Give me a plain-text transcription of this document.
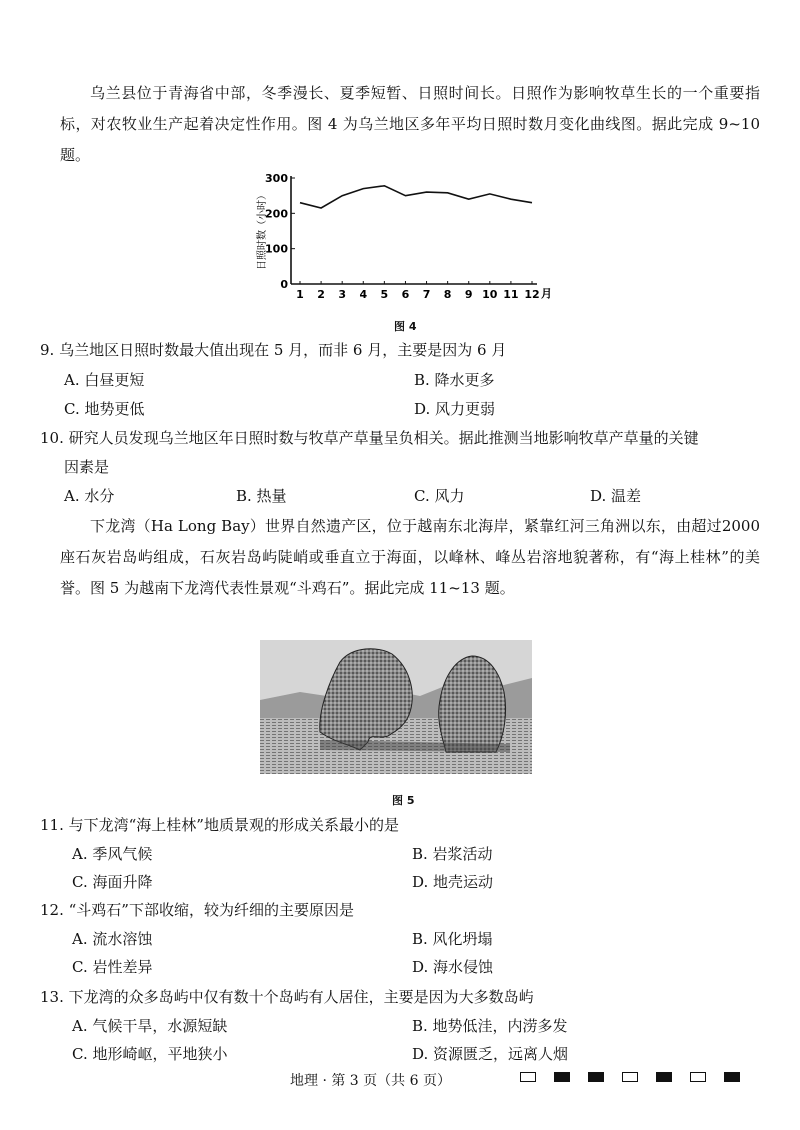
乌兰县位于青海省中部，冬季漫长、夏季短暂、日照时间长。日照作为影响牧草生长的一个重要指标，对农牧业生产起着决定性作用。图 4 为乌兰地区多年平均日照时数月变化曲线图。据此完成 9~10 题。
0
100
200
300
1 2 3 4 5 6 7 8 9 10 11 12
日照时数（小时）
月
图 4
9. 乌兰地区日照时数最大值出现在 5 月，而非 6 月，主要是因为 6 月
A. 白昼更短	B. 降水更多
C. 地势更低	D. 风力更弱
10. 研究人员发现乌兰地区年日照时数与牧草产草量呈负相关。据此推测当地影响牧草产草量的关键
因素是
A. 水分	B. 热量	C. 风力	D. 温差
下龙湾（Ha Long Bay）世界自然遗产区，位于越南东北海岸，紧靠红河三角洲以东，由超过2000座石灰岩岛屿组成，石灰岩岛屿陡峭或垂直立于海面，以峰林、峰丛岩溶地貌著称，有“海上桂林”的美誉。图 5 为越南下龙湾代表性景观“斗鸡石”。据此完成 11~13 题。
图 5
11. 与下龙湾“海上桂林”地质景观的形成关系最小的是
A. 季风气候	B. 岩浆活动
C. 海面升降	D. 地壳运动
12. “斗鸡石”下部收缩，较为纤细的主要原因是
A. 流水溶蚀	B. 风化坍塌
C. 岩性差异	D. 海水侵蚀
13. 下龙湾的众多岛屿中仅有数十个岛屿有人居住，主要是因为大多数岛屿
A. 气候干旱，水源短缺	B. 地势低洼，内涝多发
C. 地形崎岖，平地狭小	D. 资源匮乏，远离人烟
地理 · 第 3 页（共 6 页）
